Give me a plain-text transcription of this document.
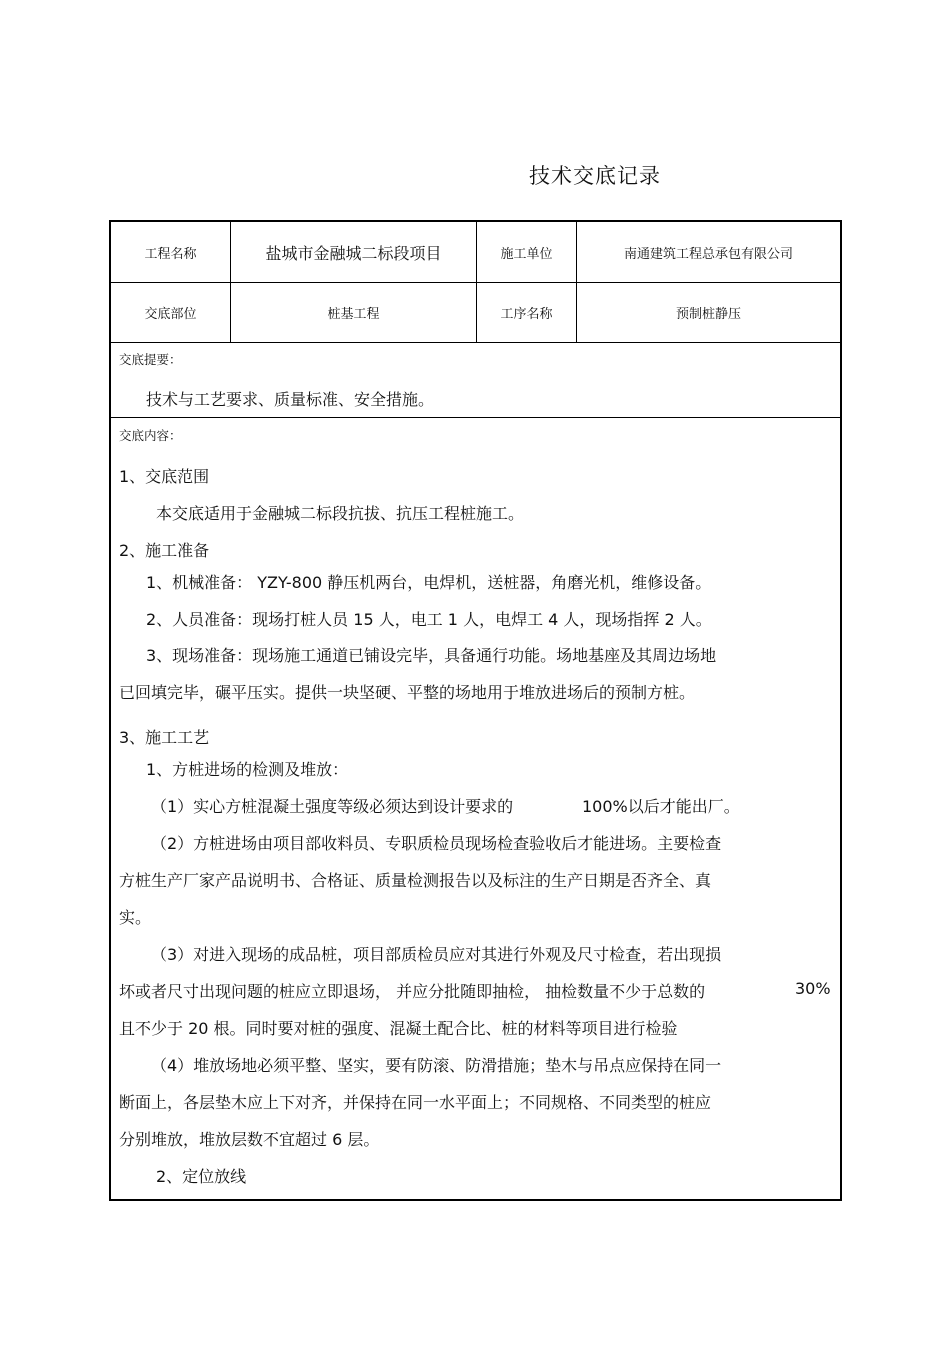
技术交底记录
工程名称	盐城市金融城二标段项目	施工单位	南通建筑工程总承包有限公司
交底部位	桩基工程	工序名称	预制桩静压
交底提要：
技术与工艺要求、质量标准、安全措施。
交底内容：
1、交底范围
本交底适用于金融城二标段抗拔、抗压工程桩施工。
2、施工准备
1、机械准备： YZY-800 静压机两台，电焊机，送桩器，角磨光机，维修设备。
2、人员准备：现场打桩人员 15 人，电工 1 人，电焊工 4 人，现场指挥 2 人。
3、现场准备：现场施工通道已铺设完毕，具备通行功能。场地基座及其周边场地
已回填完毕，碾平压实。提供一块坚硬、平整的场地用于堆放进场后的预制方桩。
3、施工工艺
1、方桩进场的检测及堆放：
（1）实心方桩混凝土强度等级必须达到设计要求的	100%以后才能出厂。
（2）方桩进场由项目部收料员、专职质检员现场检查验收后才能进场。主要检查
方桩生产厂家产品说明书、合格证、质量检测报告以及标注的生产日期是否齐全、真
实。
（3）对进入现场的成品桩，项目部质检员应对其进行外观及尺寸检查，若出现损
坏或者尺寸出现问题的桩应立即退场， 并应分批随即抽检， 抽检数量不少于总数的	30%
且不少于 20 根。同时要对桩的强度、混凝土配合比、桩的材料等项目进行检验
（4）堆放场地必须平整、坚实，要有防滚、防滑措施；垫木与吊点应保持在同一
断面上，各层垫木应上下对齐，并保持在同一水平面上；不同规格、不同类型的桩应
分别堆放，堆放层数不宜超过 6 层。
2、定位放线
